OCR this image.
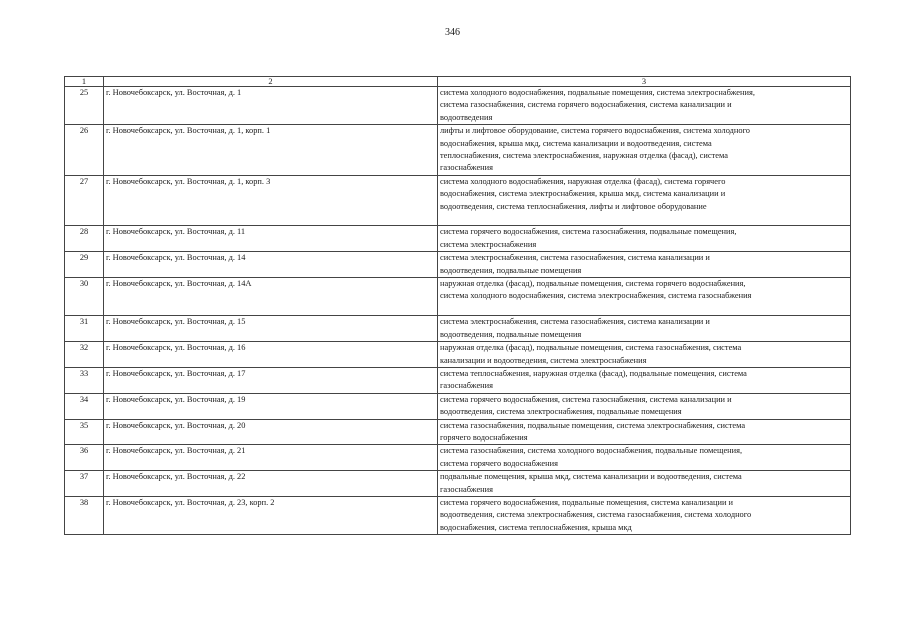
346
1	2	3
25	г. Новочебоксарск, ул. Восточная, д. 1	система холодного водоснабжения, подвальные помещения, система электроснабжения,
система газоснабжения, система горячего водоснабжения, система канализации и
водоотведения

26	г. Новочебоксарск, ул. Восточная, д. 1, корп. 1	лифты и лифтовое оборудование, система горячего водоснабжения, система холодного
водоснабжения, крыша мкд, система канализации и водоотведения, система
теплоснабжения, система электроснабжения, наружная отделка (фасад), система
газоснабжения

27	г. Новочебоксарск, ул. Восточная, д. 1, корп. 3	система холодного водоснабжения, наружная отделка (фасад), система горячего
водоснабжения, система электроснабжения, крыша мкд, система канализации и
водоотведения, система теплоснабжения, лифты и лифтовое оборудование

28	г. Новочебоксарск, ул. Восточная, д. 11	система горячего водоснабжения, система газоснабжения, подвальные помещения,
система электроснабжения

29	г. Новочебоксарск, ул. Восточная, д. 14	система электроснабжения, система газоснабжения, система канализации и
водоотведения, подвальные помещения

30	г. Новочебоксарск, ул. Восточная, д. 14А	наружная отделка (фасад), подвальные помещения, система горячего водоснабжения,
система холодного водоснабжения, система электроснабжения, система газоснабжения

31	г. Новочебоксарск, ул. Восточная, д. 15	система электроснабжения, система газоснабжения, система канализации и
водоотведения, подвальные помещения

32	г. Новочебоксарск, ул. Восточная, д. 16	наружная отделка (фасад), подвальные помещения, система газоснабжения, система
канализации и водоотведения, система электроснабжения

33	г. Новочебоксарск, ул. Восточная, д. 17	система теплоснабжения, наружная отделка (фасад), подвальные помещения, система
газоснабжения

34	г. Новочебоксарск, ул. Восточная, д. 19	система горячего водоснабжения, система газоснабжения, система канализации и
водоотведения, система электроснабжения, подвальные помещения

35	г. Новочебоксарск, ул. Восточная, д. 20	система газоснабжения, подвальные помещения, система электроснабжения, система
горячего водоснабжения

36	г. Новочебоксарск, ул. Восточная, д. 21	система газоснабжения, система холодного водоснабжения, подвальные помещения,
система горячего водоснабжения

37	г. Новочебоксарск, ул. Восточная, д. 22	подвальные помещения, крыша мкд, система канализации и водоотведения, система
газоснабжения

38	г. Новочебоксарск, ул. Восточная, д. 23, корп. 2	система горячего водоснабжения, подвальные помещения, система канализации и
водоотведения, система электроснабжения, система газоснабжения, система холодного
водоснабжения, система теплоснабжения, крыша мкд
